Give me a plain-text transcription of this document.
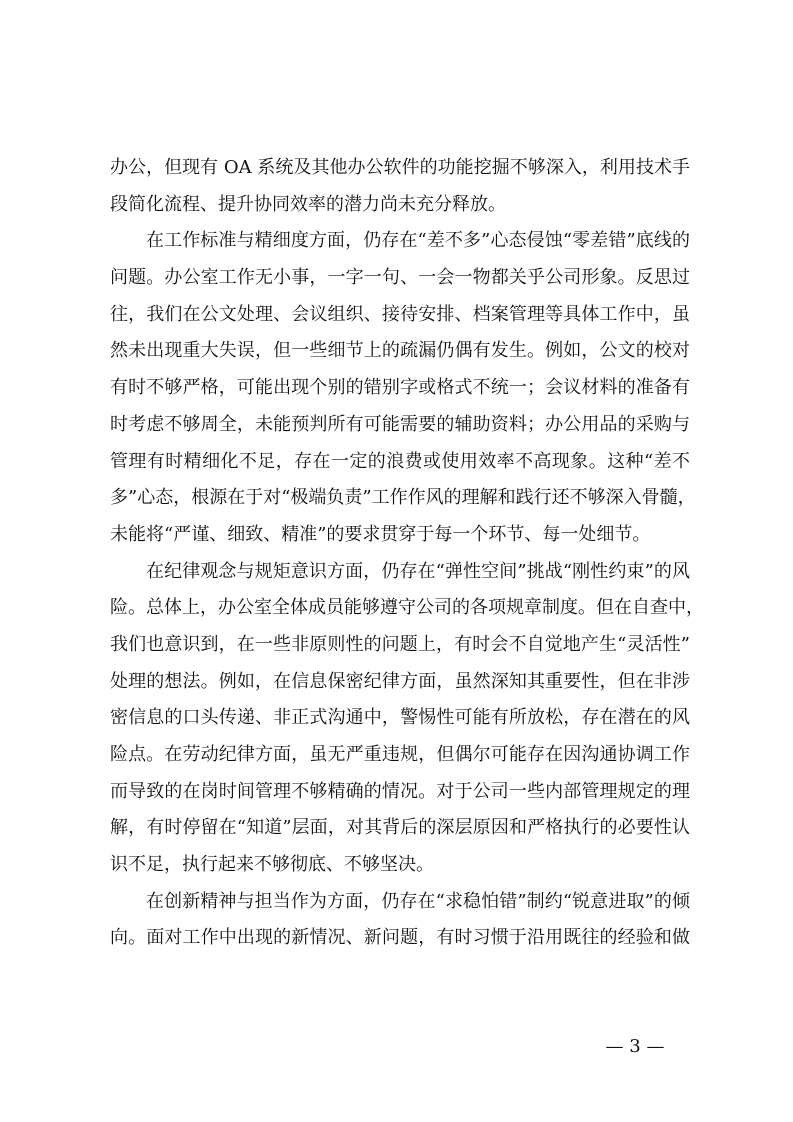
办公，但现有 OA 系统及其他办公软件的功能挖掘不够深入，利用技术手
段简化流程、提升协同效率的潜力尚未充分释放。
在工作标准与精细度方面，仍存在“差不多”心态侵蚀“零差错”底线的
问题。办公室工作无小事，一字一句、一会一物都关乎公司形象。反思过
往，我们在公文处理、会议组织、接待安排、档案管理等具体工作中，虽
然未出现重大失误，但一些细节上的疏漏仍偶有发生。例如，公文的校对
有时不够严格，可能出现个别的错别字或格式不统一；会议材料的准备有
时考虑不够周全，未能预判所有可能需要的辅助资料；办公用品的采购与
管理有时精细化不足，存在一定的浪费或使用效率不高现象。这种“差不
多”心态，根源在于对“极端负责”工作作风的理解和践行还不够深入骨髓，
未能将“严谨、细致、精准”的要求贯穿于每一个环节、每一处细节。
在纪律观念与规矩意识方面，仍存在“弹性空间”挑战“刚性约束”的风
险。总体上，办公室全体成员能够遵守公司的各项规章制度。但在自查中，
我们也意识到，在一些非原则性的问题上，有时会不自觉地产生“灵活性”
处理的想法。例如，在信息保密纪律方面，虽然深知其重要性，但在非涉
密信息的口头传递、非正式沟通中，警惕性可能有所放松，存在潜在的风
险点。在劳动纪律方面，虽无严重违规，但偶尔可能存在因沟通协调工作
而导致的在岗时间管理不够精确的情况。对于公司一些内部管理规定的理
解，有时停留在“知道”层面，对其背后的深层原因和严格执行的必要性认
识不足，执行起来不够彻底、不够坚决。
在创新精神与担当作为方面，仍存在“求稳怕错”制约“锐意进取”的倾
向。面对工作中出现的新情况、新问题，有时习惯于沿用既往的经验和做
— 3 —
